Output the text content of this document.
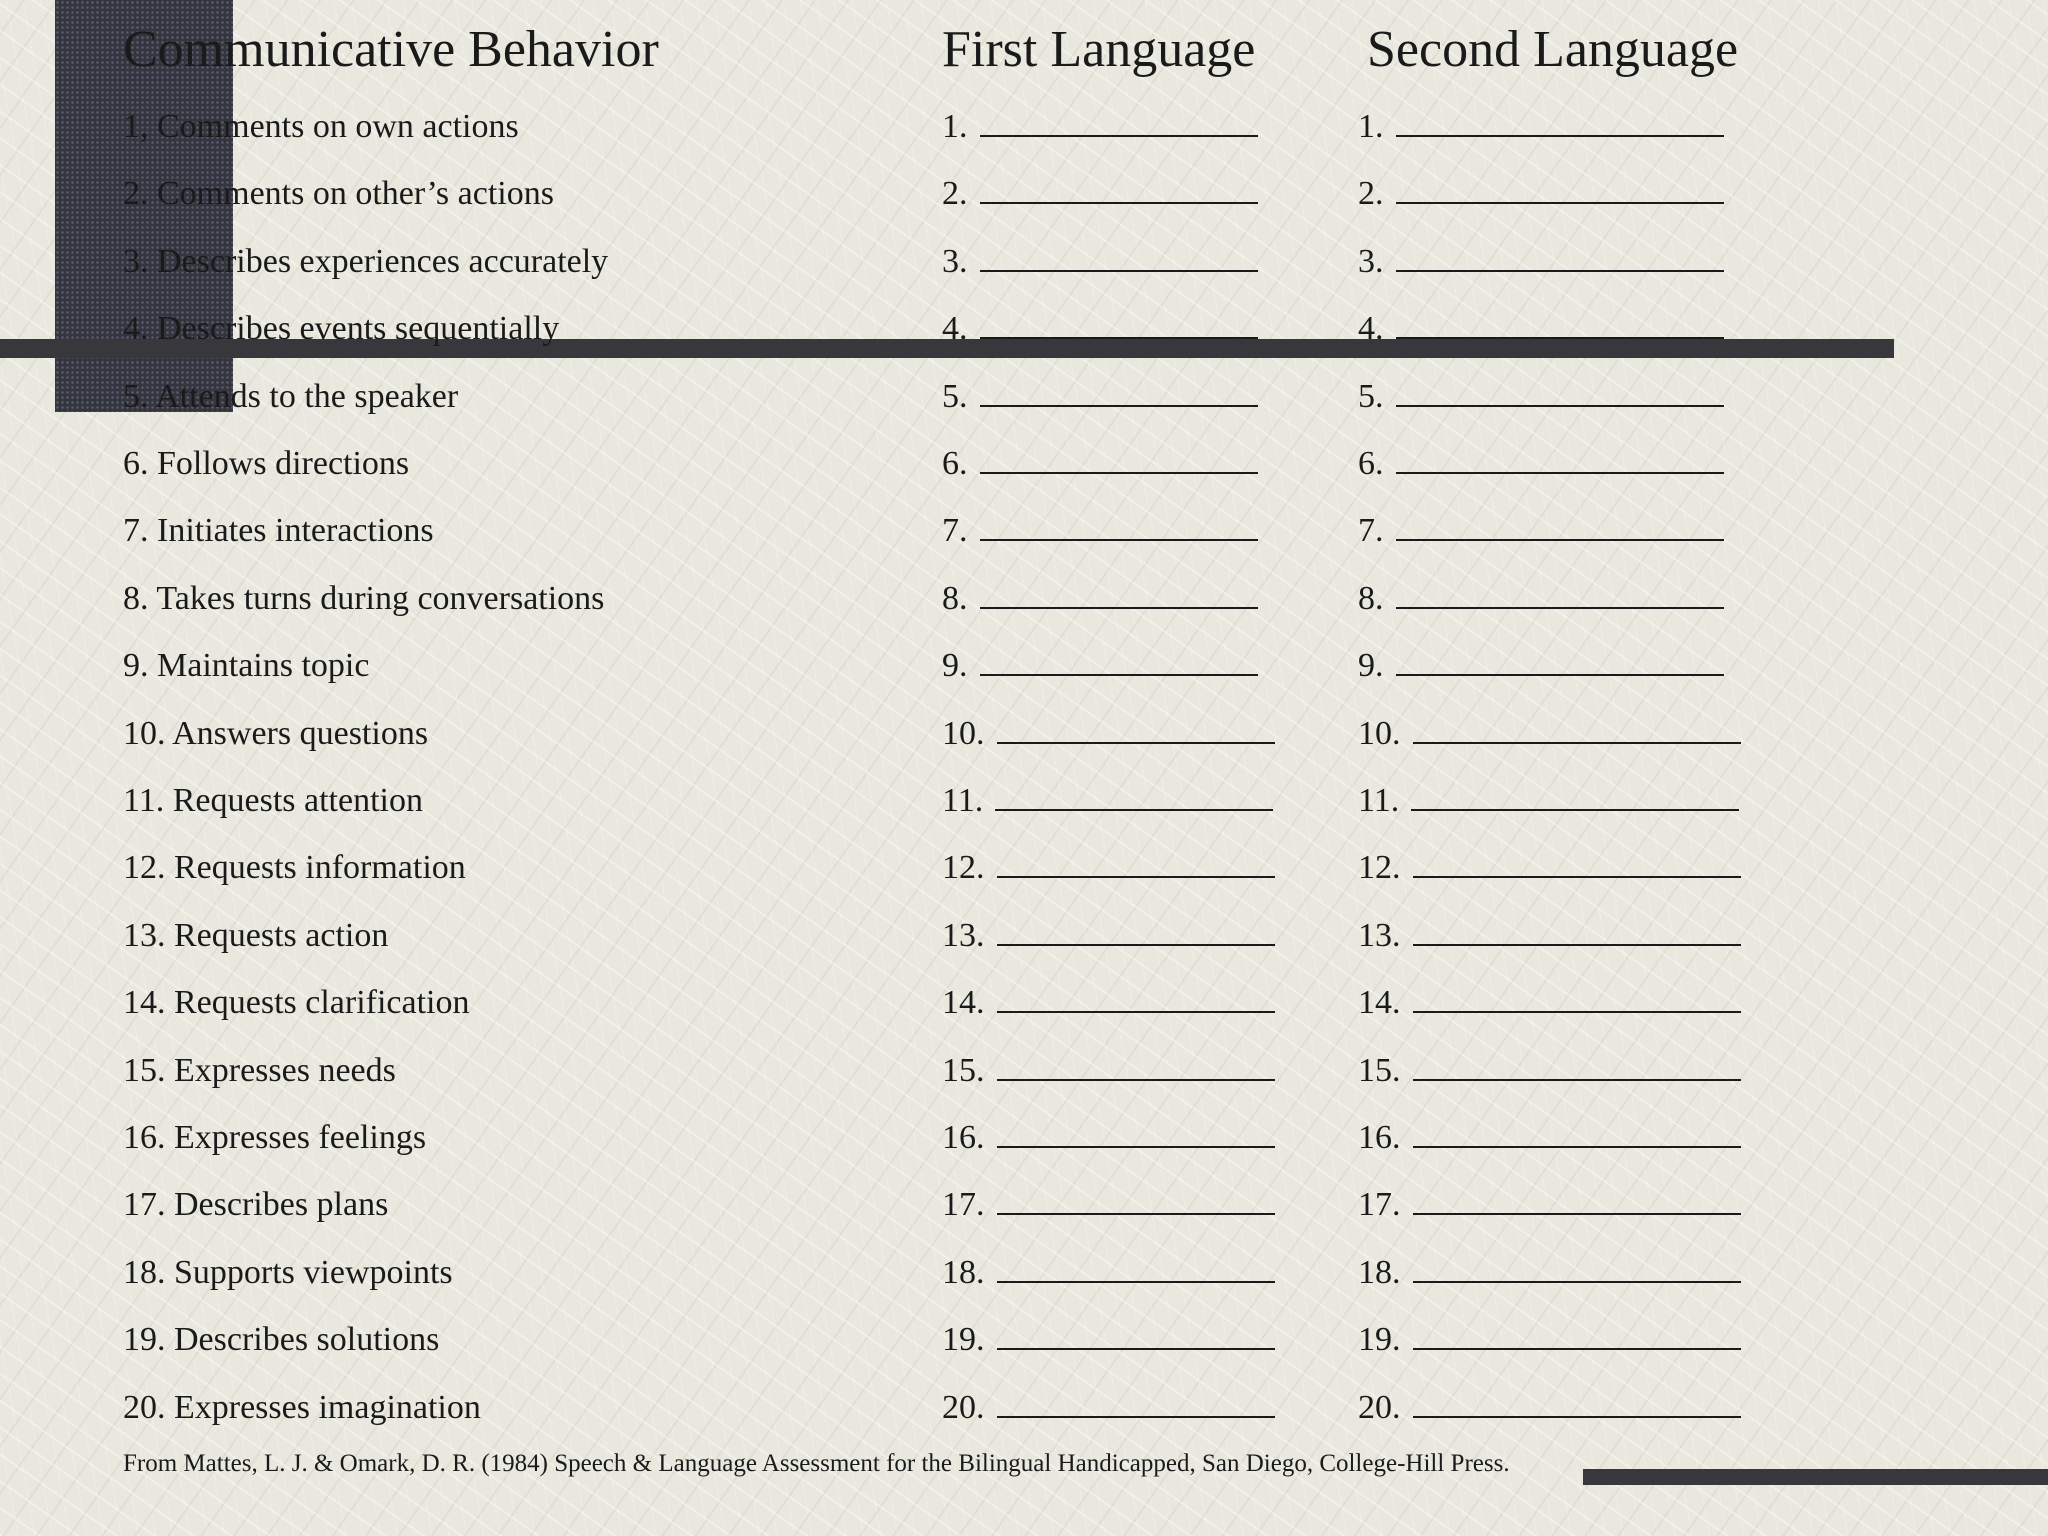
Communicative Behavior	First Language Second Language
1, Comments on own actions	1.	1.
2. Comments on other’s actions	2.	2.
3. Describes experiences accurately	3.	3.
4. Describes events sequentially	4.	4.
5. Attends to the speaker	5.	5.
6. Follows directions	6.	6.
7. Initiates interactions	7.	7.
8. Takes turns during conversations	8.	8.
9. Maintains topic	9.	9.
10. Answers questions	10.	10.
11. Requests attention	11.	11.
12. Requests information	12.	12.
13. Requests action	13.	13.
14. Requests clarification	14.	14.
15. Expresses needs	15.	15.
16. Expresses feelings	16.	16.
17. Describes plans	17.	17.
18. Supports viewpoints	18.	18.
19. Describes solutions	19.	19.
20. Expresses imagination	20.	20.
From Mattes, L. J. & Omark, D. R. (1984) Speech & Language Assessment for the Bilingual Handicapped, San Diego, College-Hill Press.
